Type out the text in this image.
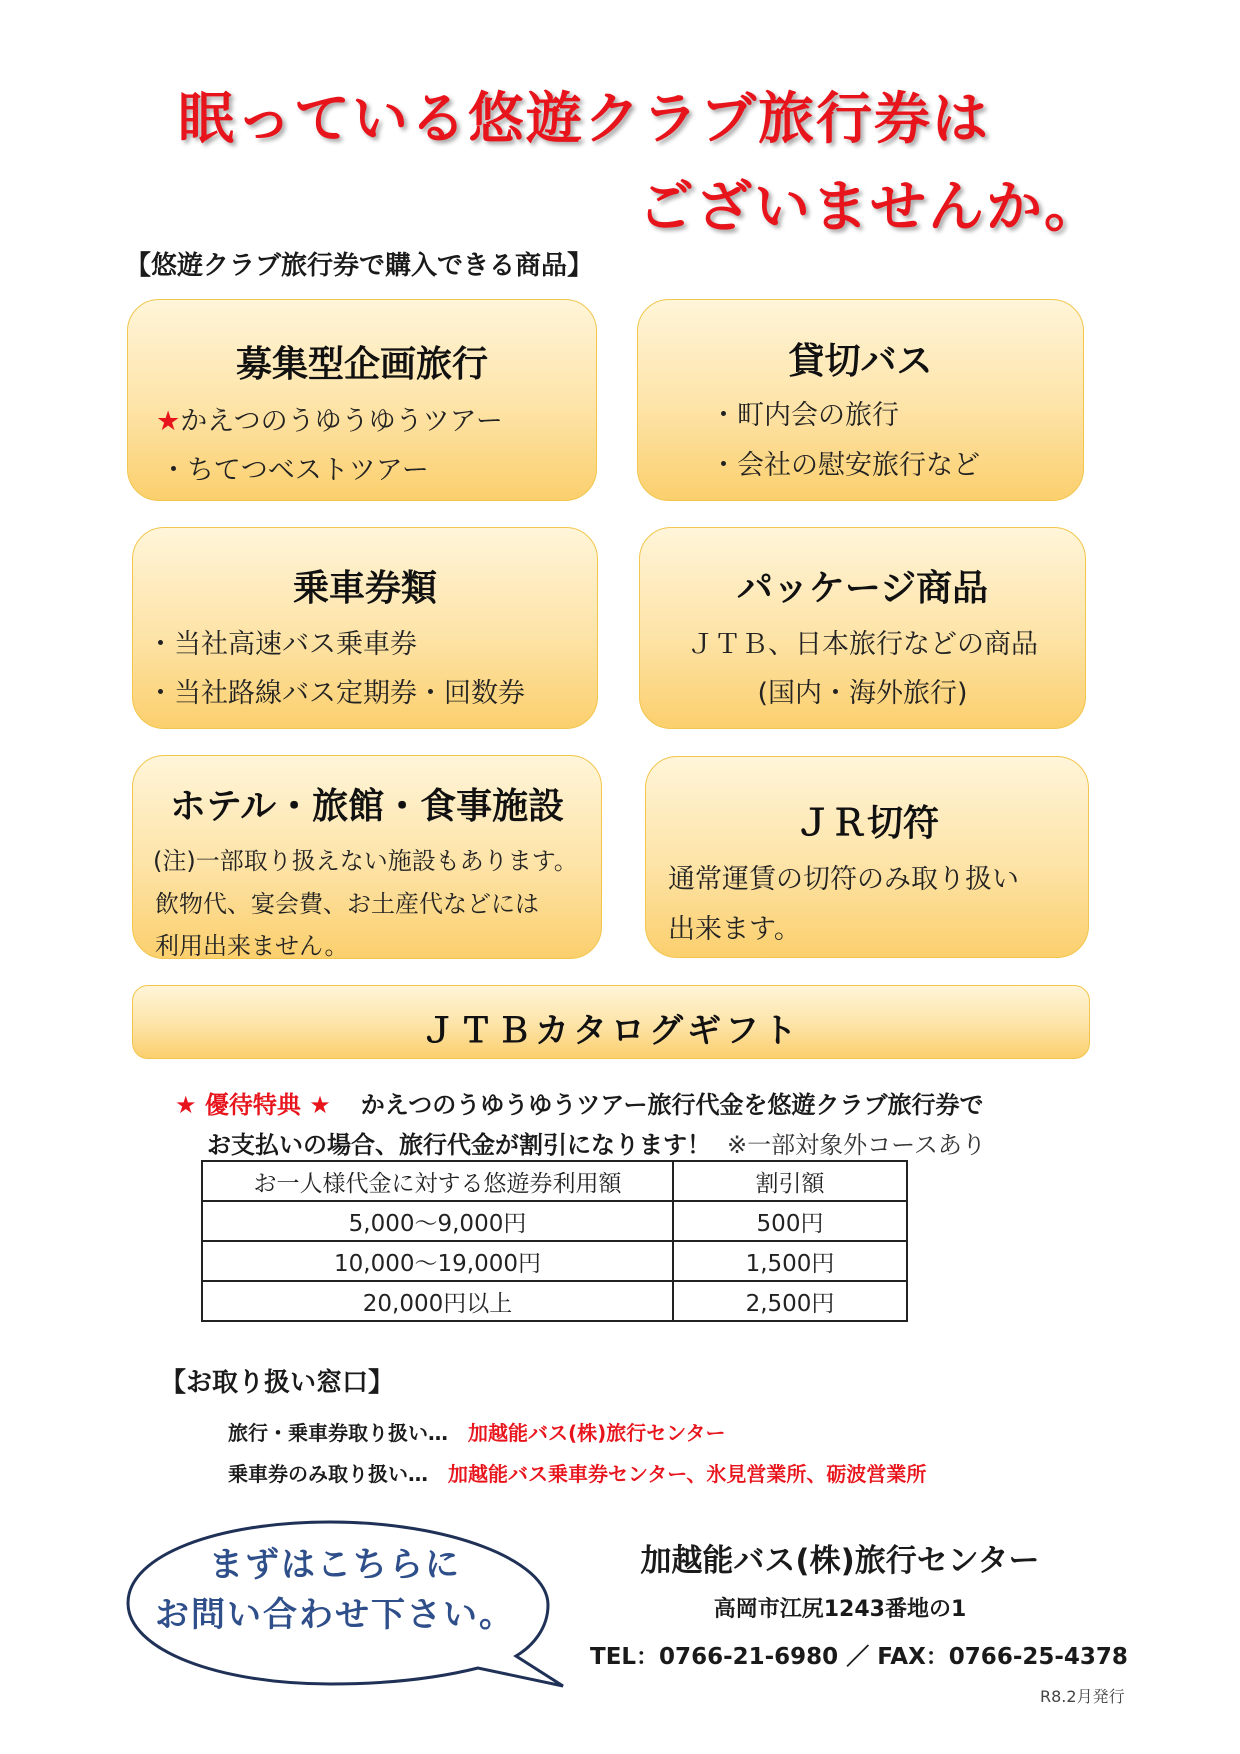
眠っている悠遊クラブ旅行券は
ございませんか。
【悠遊クラブ旅行券で購入できる商品】
募集型企画旅行
★かえつのうゆうゆうツアー
・ちてつベストツアー
貸切バス
・町内会の旅行
・会社の慰安旅行など
乗車券類
・当社高速バス乗車券
・当社路線バス定期券・回数券
パッケージ商品
ＪＴＢ、日本旅行などの商品
(国内・海外旅行)
ホテル・旅館・食事施設
(注)一部取り扱えない施設もあります。
飲物代、宴会費、お土産代などには
利用出来ません。
ＪＲ切符
通常運賃の切符のみ取り扱い
出来ます。
ＪＴＢカタログギフト
★ 優待特典 ★ かえつのうゆうゆうツアー旅行代金を悠遊クラブ旅行券で
お支払いの場合、旅行代金が割引になります！ ※一部対象外コースあり
お一人様代金に対する悠遊券利用額	割引額
5,000～9,000円	500円
10,000～19,000円	1,500円
20,000円以上	2,500円
【お取り扱い窓口】
旅行・乗車券取り扱い… 加越能バス(株)旅行センター
乗車券のみ取り扱い… 加越能バス乗車券センター、氷見営業所、砺波営業所
まずはこちらに
お問い合わせ下さい。
加越能バス(株)旅行センター
高岡市江尻1243番地の1
TEL：0766-21-6980 ／ FAX：0766-25-4378
R8.2月発行
